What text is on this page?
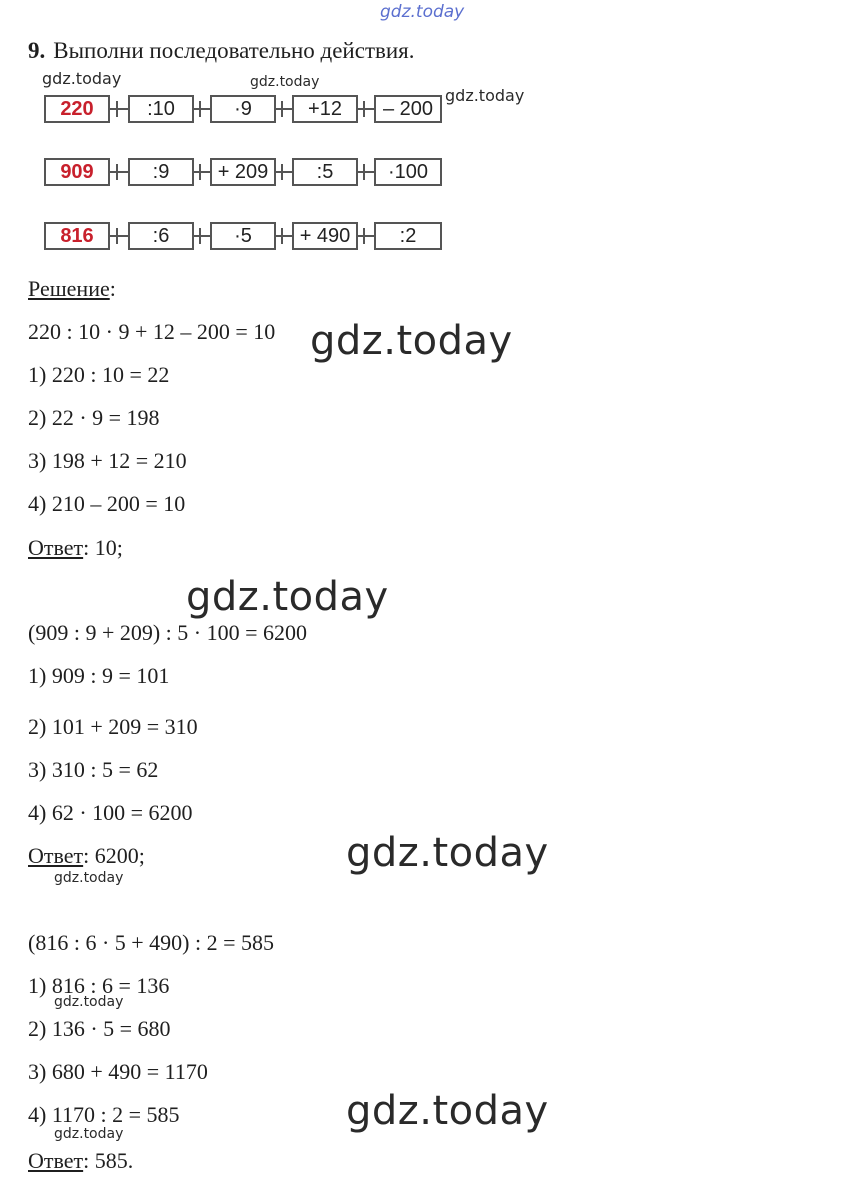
gdz.today
gdz.today	gdz.today
gdz.today
gdz.today
gdz.today
gdz.today
gdz.today
gdz.today
gdz.today
gdz.today
9. Выполни последовательно действия.
220	:10	·9	+12	– 200
909	:9	+ 209	:5	·100
816	:6	·5	+ 490	:2
Решение:
220 : 10 · 9 + 12 – 200 = 10
1) 220 : 10 = 22
2) 22 · 9 = 198
3) 198 + 12 = 210
4) 210 – 200 = 10
Ответ: 10;
(909 : 9 + 209) : 5 · 100 = 6200
1) 909 : 9 = 101
2) 101 + 209 = 310
3) 310 : 5 = 62
4) 62 · 100 = 6200
Ответ: 6200;
(816 : 6 · 5 + 490) : 2 = 585
1) 816 : 6 = 136
2) 136 · 5 = 680
3) 680 + 490 = 1170
4) 1170 : 2 = 585
Ответ: 585.
